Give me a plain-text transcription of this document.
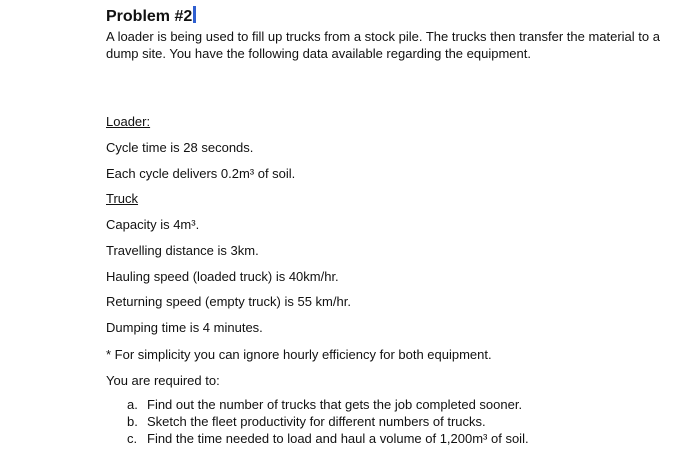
Problem #2

A loader is being used to fill up trucks from a stock pile. The trucks then transfer the material to a dump site. You have the following data available regarding the equipment.

Loader:
Cycle time is 28 seconds.
Each cycle delivers 0.2m³ of soil.
Truck
Capacity is 4m³.
Travelling distance is 3km.
Hauling speed (loaded truck) is 40km/hr.
Returning speed (empty truck) is 55 km/hr.
Dumping time is 4 minutes.
* For simplicity you can ignore hourly efficiency for both equipment.
You are required to:
a. Find out the number of trucks that gets the job completed sooner.
b. Sketch the fleet productivity for different numbers of trucks.
c. Find the time needed to load and haul a volume of 1,200m³ of soil.
